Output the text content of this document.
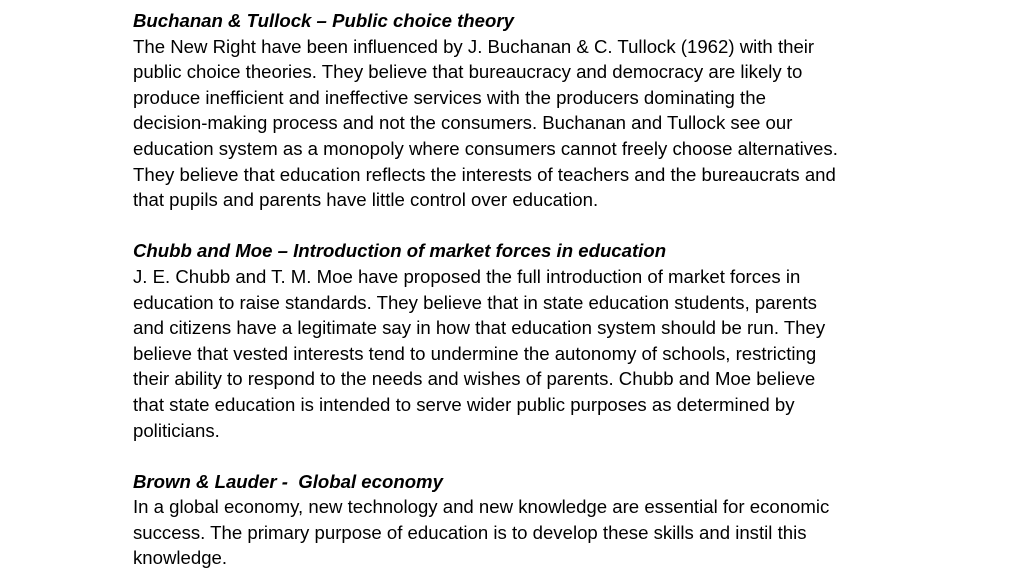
Buchanan & Tullock – Public choice theory
The New Right have been influenced by J. Buchanan & C. Tullock (1962) with their
public choice theories. They believe that bureaucracy and democracy are likely to
produce inefficient and ineffective services with the producers dominating the
decision-making process and not the consumers. Buchanan and Tullock see our
education system as a monopoly where consumers cannot freely choose alternatives.
They believe that education reflects the interests of teachers and the bureaucrats and
that pupils and parents have little control over education.
Chubb and Moe – Introduction of market forces in education
J. E. Chubb and T. M. Moe have proposed the full introduction of market forces in
education to raise standards. They believe that in state education students, parents
and citizens have a legitimate say in how that education system should be run. They
believe that vested interests tend to undermine the autonomy of schools, restricting
their ability to respond to the needs and wishes of parents. Chubb and Moe believe
that state education is intended to serve wider public purposes as determined by
politicians.
Brown & Lauder -  Global economy
In a global economy, new technology and new knowledge are essential for economic
success. The primary purpose of education is to develop these skills and instil this
knowledge.
